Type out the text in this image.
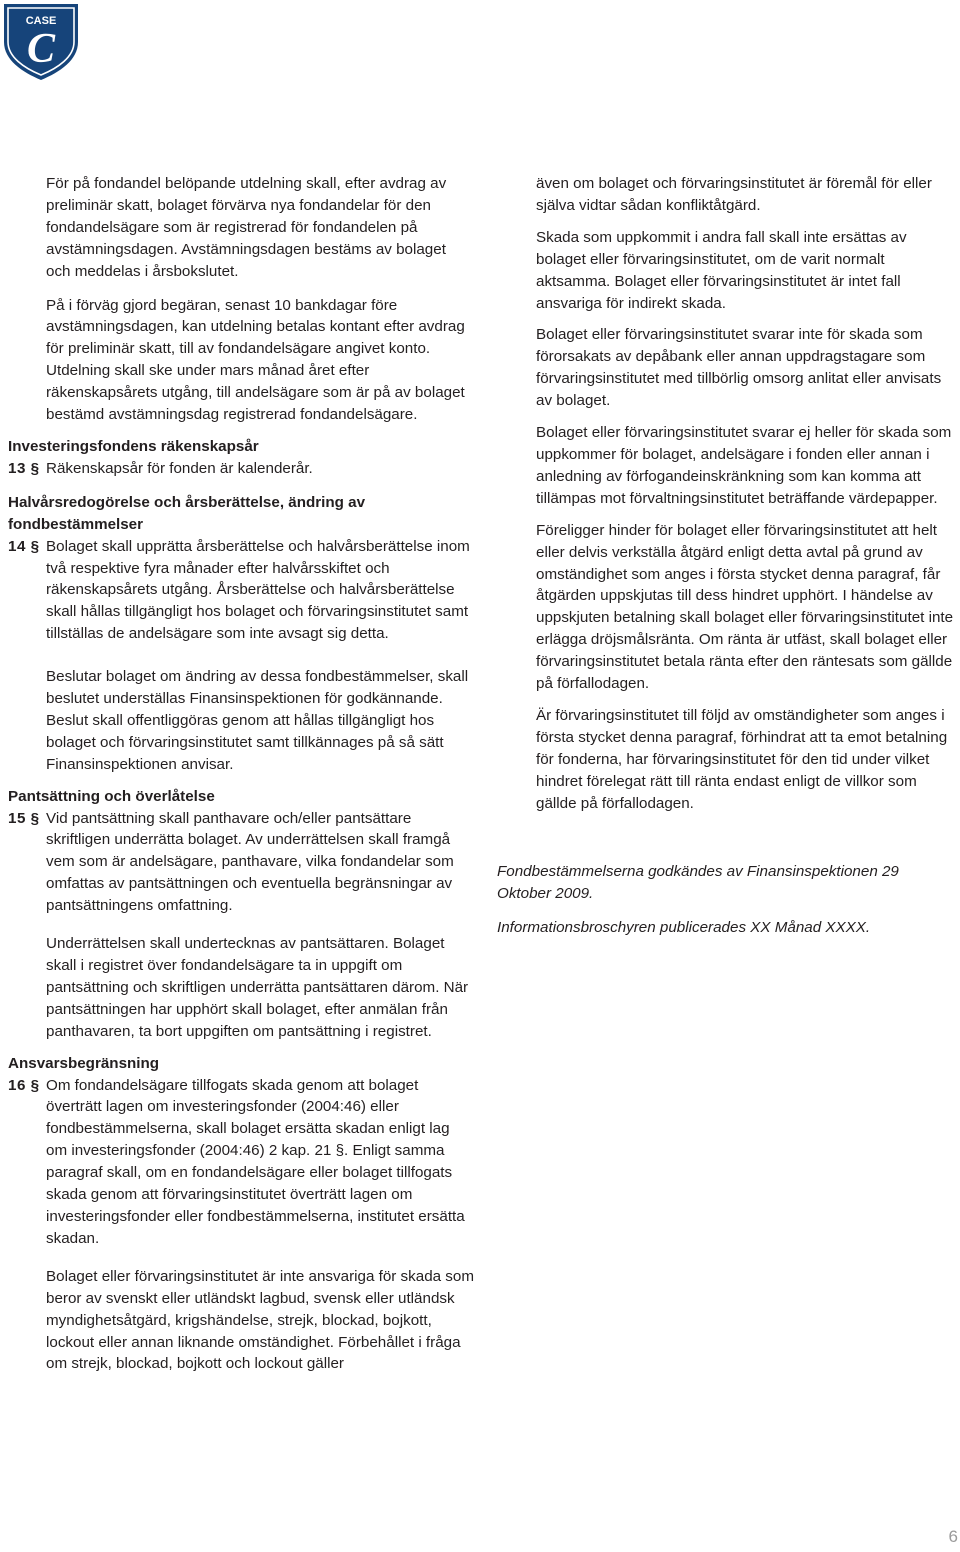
CASE
C

För på fondandel belöpande utdelning skall, efter avdrag av preliminär skatt, bolaget förvärva nya fondandelar för den fondandelsägare som är registrerad för fondandelen på avstämningsdagen. Avstämningsdagen bestäms av bolaget och meddelas i årsbokslutet.

På i förväg gjord begäran, senast 10 bankdagar före avstämningsdagen, kan utdelning betalas kontant efter avdrag för preliminär skatt, till av fondandelsägare angivet konto. Utdelning skall ske under mars månad året efter räkenskapsårets utgång, till andelsägare som är på av bolaget bestämd avstämningsdag registrerad fondandelsägare.

Investeringsfondens räkenskapsår

13 § Räkenskapsår för fonden är kalenderår.

Halvårsredogörelse och årsberättelse, ändring av fondbestämmelser

14 § Bolaget skall upprätta årsberättelse och halvårsberättelse inom två respektive fyra månader efter halvårsskiftet och räkenskapsårets utgång. Årsberättelse och halvårsberättelse skall hållas tillgängligt hos bolaget och förvaringsinstitutet samt tillställas de andelsägare som inte avsagt sig detta.

Beslutar bolaget om ändring av dessa fondbestämmelser, skall beslutet underställas Finansinspektionen för godkännande. Beslut skall offentliggöras genom att hållas tillgängligt hos bolaget och förvaringsinstitutet samt tillkännages på så sätt Finansinspektionen anvisar.

Pantsättning och överlåtelse

15 § Vid pantsättning skall panthavare och/eller pantsättare skriftligen underrätta bolaget. Av underrättelsen skall framgå vem som är andelsägare, panthavare, vilka fondandelar som omfattas av pantsättningen och eventuella begränsningar av pantsättningens omfattning.

Underrättelsen skall undertecknas av pantsättaren. Bolaget skall i registret över fondandelsägare ta in uppgift om pantsättning och skriftligen underrätta pantsättaren därom. När pantsättningen har upphört skall bolaget, efter anmälan från panthavaren, ta bort uppgiften om pantsättning i registret.

Ansvarsbegränsning

16 § Om fondandelsägare tillfogats skada genom att bolaget överträtt lagen om investeringsfonder (2004:46) eller fondbestämmelserna, skall bolaget ersätta skadan enligt lag om investeringsfonder (2004:46) 2 kap. 21 §. Enligt samma paragraf skall, om en fondandelsägare eller bolaget tillfogats skada genom att förvaringsinstitutet överträtt lagen om investeringsfonder eller fondbestämmelserna, institutet ersätta skadan.

Bolaget eller förvaringsinstitutet är inte ansvariga för skada som beror av svenskt eller utländskt lagbud, svensk eller utländsk myndighetsåtgärd, krigshändelse, strejk, blockad, bojkott, lockout eller annan liknande omständighet. Förbehållet i fråga om strejk, blockad, bojkott och lockout gäller

även om bolaget och förvaringsinstitutet är föremål för eller själva vidtar sådan konfliktåtgärd.

Skada som uppkommit i andra fall skall inte ersättas av bolaget eller förvaringsinstitutet, om de varit normalt aktsamma. Bolaget eller förvaringsinstitutet är intet fall ansvariga för indirekt skada.

Bolaget eller förvaringsinstitutet svarar inte för skada som förorsakats av depåbank eller annan uppdragstagare som förvaringsinstitutet med tillbörlig omsorg anlitat eller anvisats av bolaget.

Bolaget eller förvaringsinstitutet svarar ej heller för skada som uppkommer för bolaget, andelsägare i fonden eller annan i anledning av förfogandeinskränkning som kan komma att tillämpas mot förvaltningsinstitutet beträffande värdepapper.

Föreligger hinder för bolaget eller förvaringsinstitutet att helt eller delvis verkställa åtgärd enligt detta avtal på grund av omständighet som anges i första stycket denna paragraf, får åtgärden uppskjutas till dess hindret upphört. I händelse av uppskjuten betalning skall bolaget eller förvaringsinstitutet inte erlägga dröjsmålsränta. Om ränta är utfäst, skall bolaget eller förvaringsinstitutet betala ränta efter den räntesats som gällde på förfallodagen.

Är förvaringsinstitutet till följd av omständigheter som anges i första stycket denna paragraf, förhindrat att ta emot betalning för fonderna, har förvaringsinstitutet för den tid under vilket hindret förelegat rätt till ränta endast enligt de villkor som gällde på förfallodagen.

Fondbestämmelserna godkändes av Finansinspektionen 29 Oktober 2009.

Informationsbroschyren publicerades XX Månad XXXX.

6
